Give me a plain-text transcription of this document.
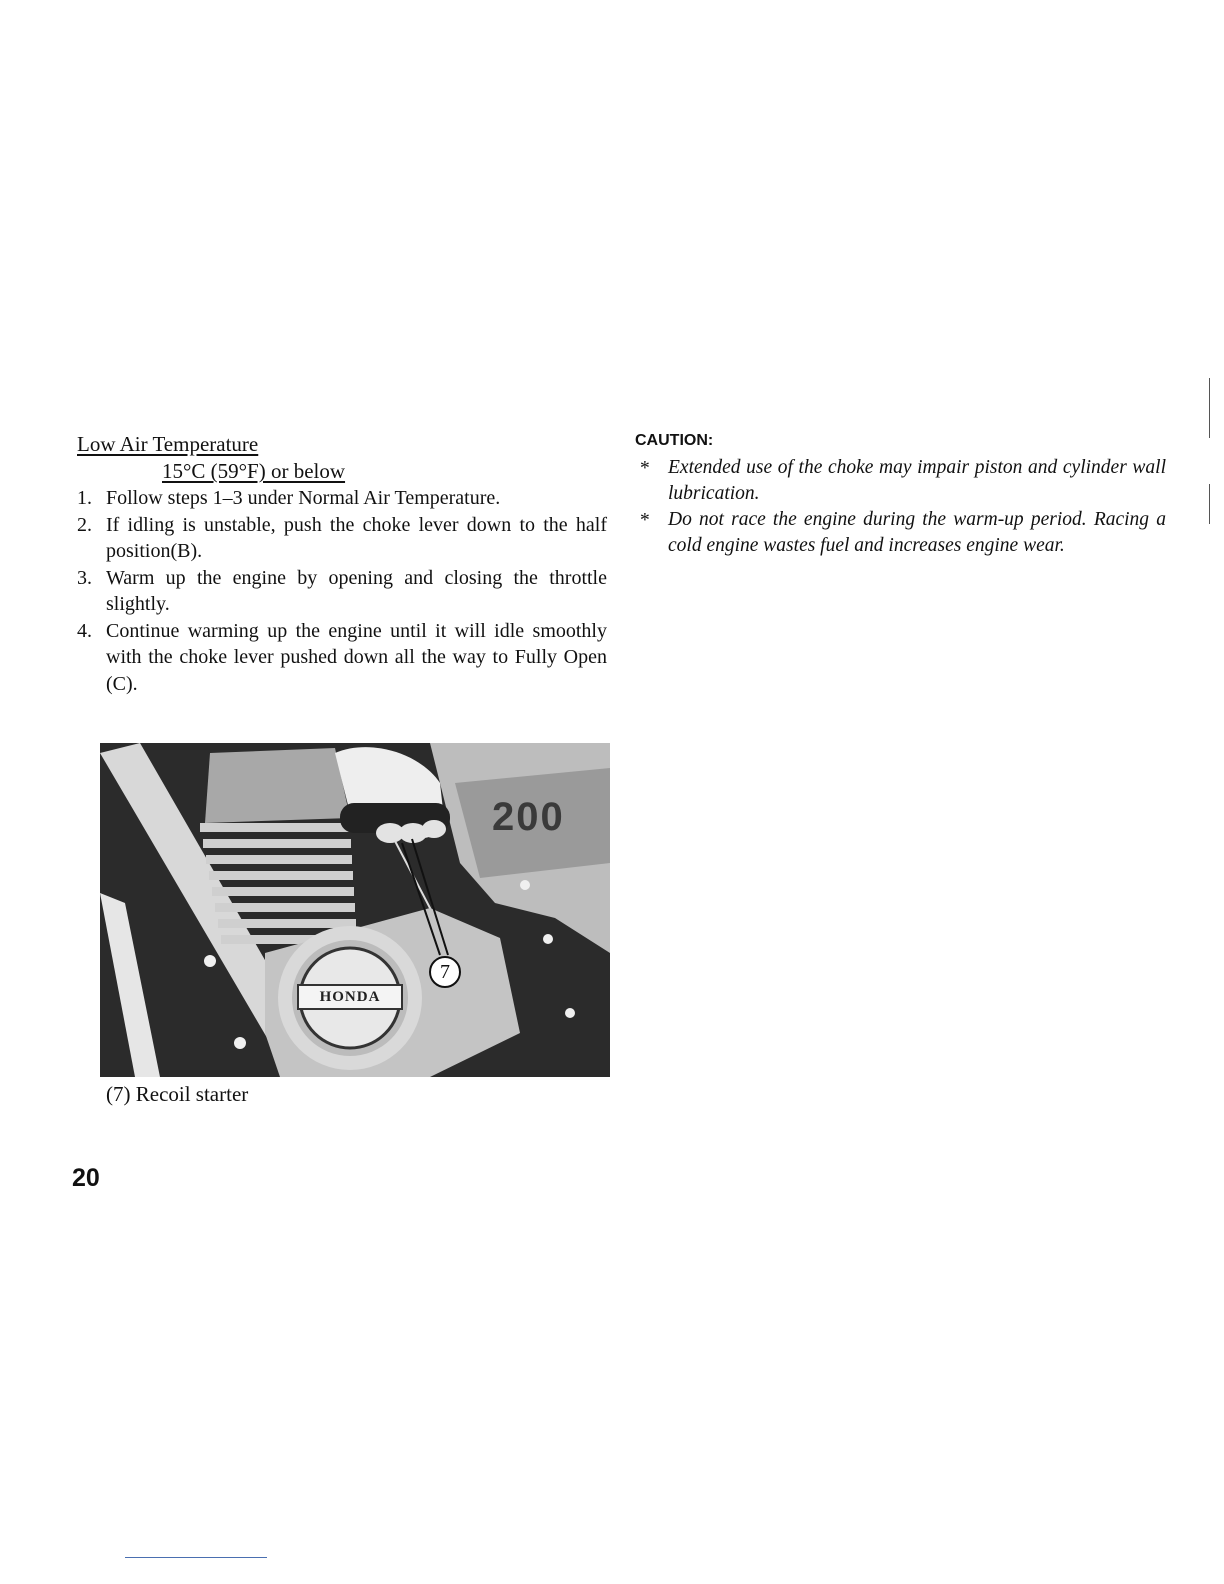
Low Air Temperature
15°C (59°F) or below
1. Follow steps 1–3 under Normal Air Temperature.
2. If idling is unstable, push the choke lever down to the half position(B).
3. Warm up the engine by opening and closing the throttle slightly.
4. Continue warming up the engine until it will idle smoothly with the choke lever pushed down all the way to Fully Open (C).
7
HONDA
200
(7) Recoil starter
20
CAUTION:
* Extended use of the choke may impair piston and cylinder wall lubrication.
* Do not race the engine during the warm-up period. Racing a cold engine wastes fuel and increases engine wear.
